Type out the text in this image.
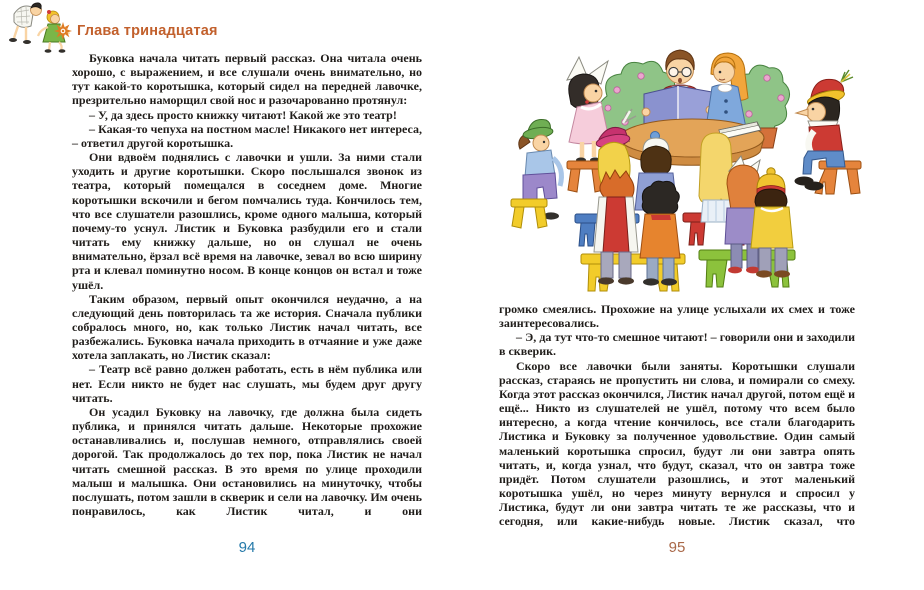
Глава тринадцатая

Буковка начала читать первый рассказ. Она читала очень хорошо, с выражением, и все слушали очень внимательно, но тут какой-то коротышка, который сидел на передней лавочке, презрительно наморщил свой нос и разочарованно протянул:

– У, да здесь просто книжку читают! Какой же это театр!

– Какая-то чепуха на постном масле! Никакого нет интереса, – ответил другой коротышка.

Они вдвоём поднялись с лавочки и ушли. За ними стали уходить и другие коротышки. Скоро послышался звонок из театра, который помещался в соседнем доме. Многие коротышки вскочили и бегом помчались туда. Кончилось тем, что все слушатели разошлись, кроме одного малыша, который почему-то уснул. Листик и Буковка разбудили его и стали читать ему книжку дальше, но он слушал не очень внимательно, ёрзал всё время на лавочке, зевал во всю ширину рта и клевал поминутно носом. В конце концов он встал и тоже ушёл.

Таким образом, первый опыт окончился неудачно, а на следующий день повторилась та же история. Сначала публики собралось много, но, как только Листик начал читать, все разбежались. Буковка начала приходить в отчаяние и уже даже хотела заплакать, но Листик сказал:

– Театр всё равно должен работать, есть в нём публика или нет. Если никто не будет нас слушать, мы будем друг другу читать.

Он усадил Буковку на лавочку, где должна была сидеть публика, и принялся читать дальше. Некоторые прохожие останавливались и, послушав немного, отправлялись своей дорогой. Так продолжалось до тех пор, пока Листик не начал читать смешной рассказ. В это время по улице проходили малыш и малышка. Они остановились на минуточку, чтобы послушать, потом зашли в скверик и сели на лавочку. Им очень понравилось, как Листик читал, и они

94

громко смеялись. Прохожие на улице услыхали их смех и тоже заинтересовались.

– Э, да тут что-то смешное читают! – говорили они и заходили в скверик.

Скоро все лавочки были заняты. Коротышки слушали рассказ, стараясь не пропустить ни слова, и помирали со смеху. Когда этот рассказ окончился, Листик начал другой, потом ещё и ещё... Никто из слушателей не ушёл, потому что всем было интересно, а когда чтение кончилось, все стали благодарить Листика и Буковку за полученное удовольствие. Один самый маленький коротышка спросил, будут ли они завтра опять читать, и, когда узнал, что будут, сказал, что он завтра тоже придёт. Потом слушатели разошлись, и этот маленький коротышка ушёл, но через минуту вернулся и спросил у Листика, будут ли они завтра читать те же рассказы, что и сегодня, или какие-нибудь новые. Листик сказал, что

95
